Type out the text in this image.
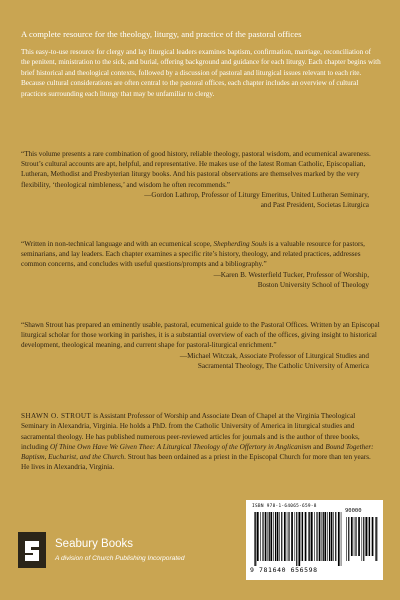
A complete resource for the theology, liturgy, and practice of the pastoral offices
This easy-to-use resource for clergy and lay liturgical leaders examines baptism, confirmation, marriage, reconciliation of the penitent, ministration to the sick, and burial, offering background and guidance for each liturgy. Each chapter begins with brief historical and theological contexts, followed by a discussion of pastoral and liturgical issues relevant to each rite. Because cultural considerations are often central to the pastoral offices, each chapter includes an overview of cultural practices surrounding each liturgy that may be unfamiliar to clergy.
“This volume presents a rare combination of good history, reliable theology, pastoral wisdom, and ecumenical awareness. Strout’s cultural accounts are apt, helpful, and representative. He makes use of the latest Roman Catholic, Episcopalian, Lutheran, Methodist and Presbyterian liturgy books. And his pastoral observations are themselves marked by the very flexibility, ‘theological nimbleness,’ and wisdom he often recommends.”
—Gordon Lathrop, Professor of Liturgy Emeritus, United Lutheran Seminary,
and Past President, Societas Liturgica
“Written in non-technical language and with an ecumenical scope, Shepherding Souls is a valuable resource for pastors, seminarians, and lay leaders. Each chapter examines a specific rite’s history, theology, and related practices, addresses common concerns, and concludes with useful questions/prompts and a bibliography.”
—Karen B. Westerfield Tucker, Professor of Worship,
Boston University School of Theology
“Shawn Strout has prepared an eminently usable, pastoral, ecumenical guide to the Pastoral Offices. Written by an Episcopal liturgical scholar for those working in parishes, it is a substantial overview of each of the offices, giving insight to historical development, theological meaning, and current shape for pastoral-liturgical enrichment.”
—Michael Witczak, Associate Professor of Liturgical Studies and
Sacramental Theology, The Catholic University of America
SHAWN O. STROUT is Assistant Professor of Worship and Associate Dean of Chapel at the Virginia Theological Seminary in Alexandria, Virginia. He holds a PhD. from the Catholic University of America in liturgical studies and sacramental theology. He has published numerous peer-reviewed articles for journals and is the author of three books, including Of Thine Own Have We Given Thee: A Liturgical Theology of the Offertory in Anglicanism and Bound Together: Baptism, Eucharist, and the Church. Strout has been ordained as a priest in the Episcopal Church for more than ten years. He lives in Alexandria, Virginia.
ISBN 978-1-64065-659-8
90000
9 781640 656598
Seabury Books
A division of Church Publishing Incorporated
